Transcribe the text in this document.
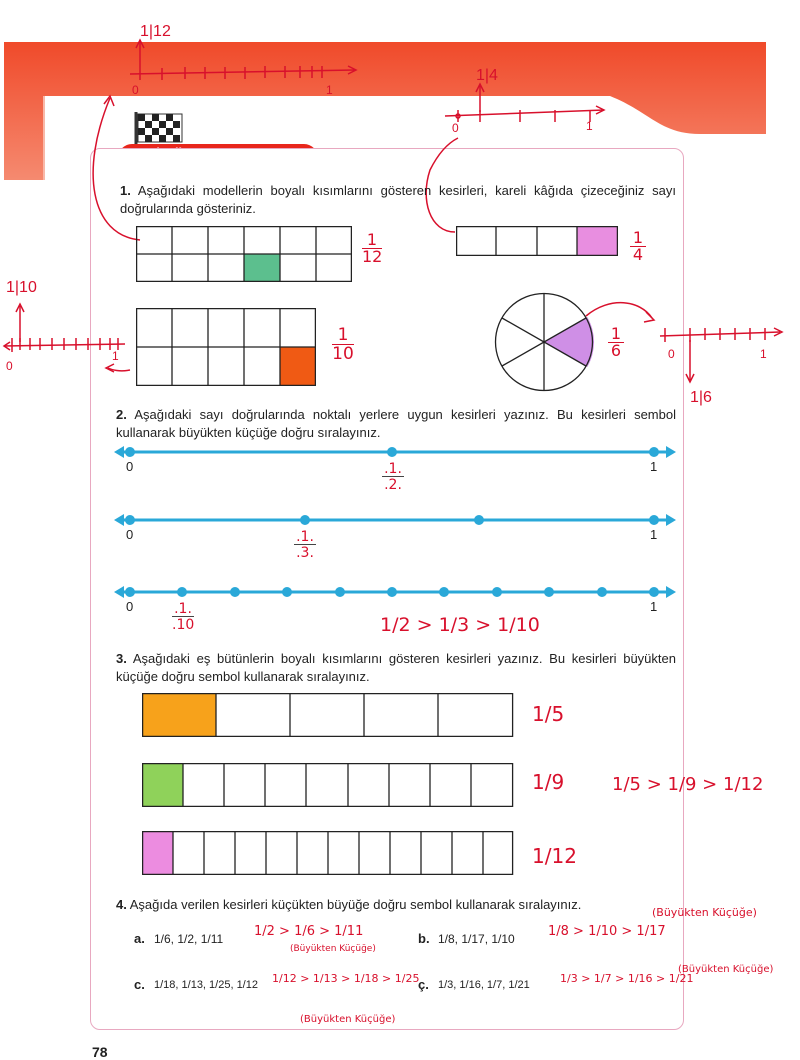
1|12
1|4
0	1
0	1
1|10
0
1	0	1
1|6
1. Aşağıdaki modellerin boyalı kısımlarını gösteren kesirleri, kareli kâğıda çizeceğiniz sayı doğrularında gösteriniz.
1
12
1
4
1
10
1
6
2. Aşağıdaki sayı doğrularında noktalı yerlere uygun kesirleri yazınız. Bu kesirleri sembol kullanarak büyükten küçüğe doğru sıralayınız.
0	1
0	1
0	1
.1.
.2.
.1.
.3.
.1.
.10	1/2 > 1/3 > 1/10
3. Aşağıdaki eş bütünlerin boyalı kısımlarını gösteren kesirleri yazınız. Bu kesirleri büyükten küçüğe doğru sembol kullanarak sıralayınız.
1/5
1/9
1/12
1/5 > 1/9 > 1/12
4. Aşağıda verilen kesirleri küçükten büyüğe doğru sembol kullanarak sıralayınız.
a. 1/6, 1/2, 1/11 1/2 > 1/6 > 1/11
(Büyükten Küçüğe)
b. 1/8, 1/17, 1/10	1/8 > 1/10 > 1/17
(Büyükten Küçüğe)
c. 1/18, 1/13, 1/25, 1/12 1/12 > 1/13 > 1/18 > 1/25
(Büyükten Küçüğe)
ç. 1/3, 1/16, 1/7, 1/21	1/3 > 1/7 > 1/16 > 1/21
(Büyükten Küçüğe)
78
